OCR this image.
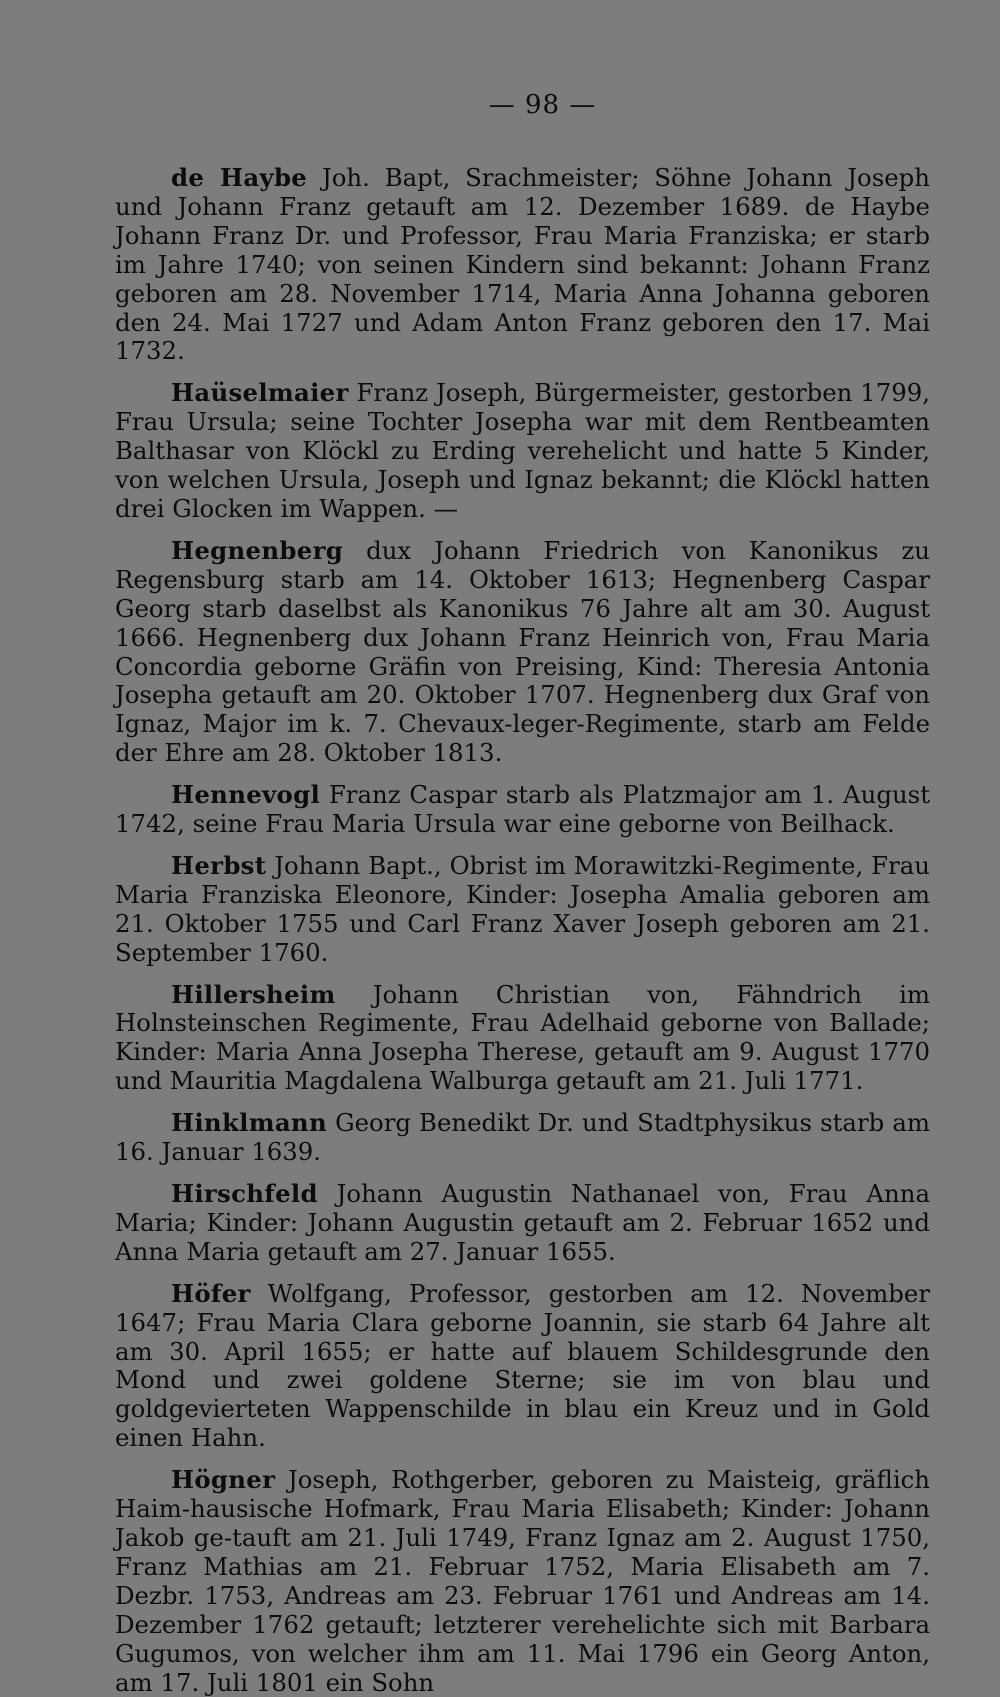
— 98 —

de Haybe Joh. Bapt, Srachmeister; Söhne Johann Joseph und Johann Franz getauft am 12. Dezember 1689. de Haybe Johann Franz Dr. und Professor, Frau Maria Franziska; er starb im Jahre 1740; von seinen Kindern sind bekannt: Johann Franz geboren am 28. November 1714, Maria Anna Johanna geboren den 24. Mai 1727 und Adam Anton Franz geboren den 17. Mai 1732.

Haüselmaier Franz Joseph, Bürgermeister, gestorben 1799, Frau Ursula; seine Tochter Josepha war mit dem Rentbeamten Balthasar von Klöckl zu Erding verehelicht und hatte 5 Kinder, von welchen Ursula, Joseph und Ignaz bekannt; die Klöckl hatten drei Glocken im Wappen. —

Hegnenberg dux Johann Friedrich von Kanonikus zu Regensburg starb am 14. Oktober 1613; Hegnenberg Caspar Georg starb daselbst als Kanonikus 76 Jahre alt am 30. August 1666. Hegnenberg dux Johann Franz Heinrich von, Frau Maria Concordia geborne Gräfin von Preising, Kind: Theresia Antonia Josepha getauft am 20. Oktober 1707. Hegnenberg dux Graf von Ignaz, Major im k. 7. Chevaux-leger-Regimente, starb am Felde der Ehre am 28. Oktober 1813.

Hennevogl Franz Caspar starb als Platzmajor am 1. August 1742, seine Frau Maria Ursula war eine geborne von Beilhack.

Herbst Johann Bapt., Obrist im Morawitzki-Regimente, Frau Maria Franziska Eleonore, Kinder: Josepha Amalia geboren am 21. Oktober 1755 und Carl Franz Xaver Joseph geboren am 21. September 1760.

Hillersheim Johann Christian von, Fähndrich im Holnsteinschen Regimente, Frau Adelhaid geborne von Ballade; Kinder: Maria Anna Josepha Therese, getauft am 9. August 1770 und Mauritia Magdalena Walburga getauft am 21. Juli 1771.

Hinklmann Georg Benedikt Dr. und Stadtphysikus starb am 16. Januar 1639.

Hirschfeld Johann Augustin Nathanael von, Frau Anna Maria; Kinder: Johann Augustin getauft am 2. Februar 1652 und Anna Maria getauft am 27. Januar 1655.

Höfer Wolfgang, Professor, gestorben am 12. November 1647; Frau Maria Clara geborne Joannin, sie starb 64 Jahre alt am 30. April 1655; er hatte auf blauem Schildesgrunde den Mond und zwei goldene Sterne; sie im von blau und goldgevierteten Wappenschilde in blau ein Kreuz und in Gold einen Hahn.

Högner Joseph, Rothgerber, geboren zu Maisteig, gräflich Haim-hausische Hofmark, Frau Maria Elisabeth; Kinder: Johann Jakob ge-tauft am 21. Juli 1749, Franz Ignaz am 2. August 1750, Franz Mathias am 21. Februar 1752, Maria Elisabeth am 7. Dezbr. 1753, Andreas am 23. Februar 1761 und Andreas am 14. Dezember 1762 getauft; letzterer verehelichte sich mit Barbara Gugumos, von welcher ihm am 11. Mai 1796 ein Georg Anton, am 17. Juli 1801 ein Sohn
